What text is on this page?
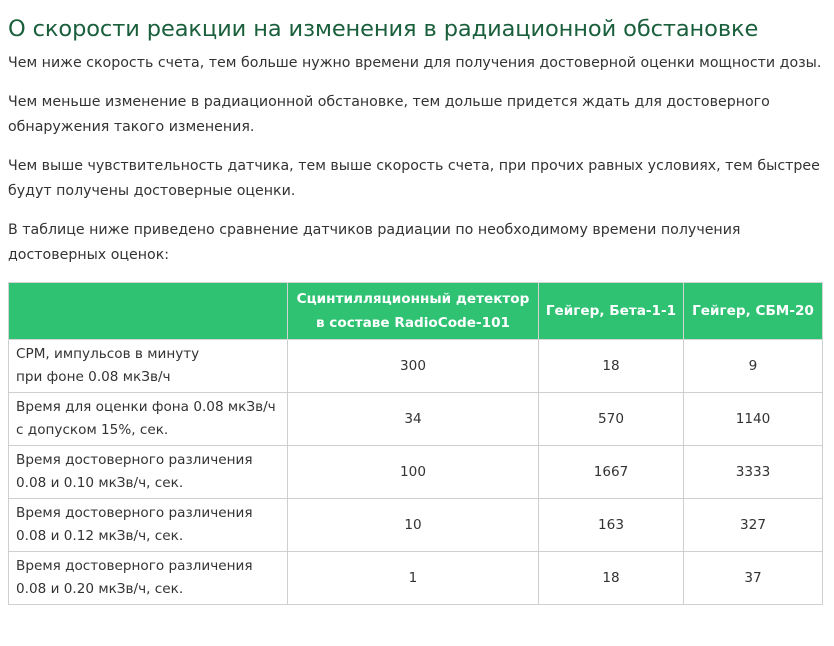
О скорости реакции на изменения в радиационной обстановке

Чем ниже скорость счета, тем больше нужно времени для получения достоверной оценки мощности дозы.

Чем меньше изменение в радиационной обстановке, тем дольше придется ждать для достоверного обнаружения такого изменения.

Чем выше чувствительность датчика, тем выше скорость счета, при прочих равных условиях, тем быстрее будут получены достоверные оценки.

В таблице ниже приведено сравнение датчиков радиации по необходимому времени получения достоверных оценок:

	Сцинтилляционный детектор
в составе RadioCode-101	Гейгер, Бета-1-1	Гейгер, СБМ-20

CPM, импульсов в минуту
при фоне 0.08 мкЗв/ч	300	18	9

Время для оценки фона 0.08 мкЗв/ч
с допуском 15%, сек.	34	570	1140

Время достоверного различения
0.08 и 0.10 мкЗв/ч, сек.	100	1667	3333

Время достоверного различения
0.08 и 0.12 мкЗв/ч, сек.	10	163	327

Время достоверного различения
0.08 и 0.20 мкЗв/ч, сек.	1	18	37
